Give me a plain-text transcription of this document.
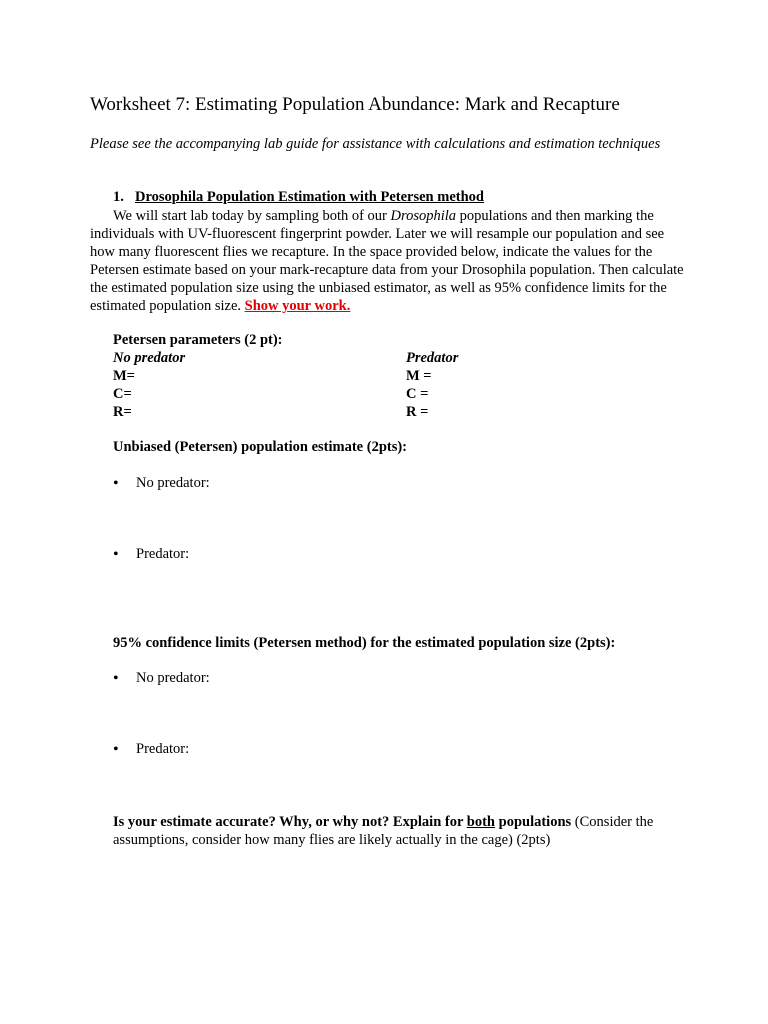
Worksheet 7: Estimating Population Abundance: Mark and Recapture
Please see the accompanying lab guide for assistance with calculations and estimation techniques
1. Drosophila Population Estimation with Petersen method
We will start lab today by sampling both of our Drosophila populations and then marking the individuals with UV-fluorescent fingerprint powder. Later we will resample our population and see how many fluorescent flies we recapture. In the space provided below, indicate the values for the Petersen estimate based on your mark-recapture data from your Drosophila population. Then calculate the estimated population size using the unbiased estimator, as well as 95% confidence limits for the estimated population size. Show your work.
Petersen parameters (2 pt):
No predator	Predator
M=
C=
R=
M =
C =
R =
Unbiased (Petersen) population estimate (2pts):
• No predator:
• Predator:
95% confidence limits (Petersen method) for the estimated population size (2pts):
• No predator:
• Predator:
Is your estimate accurate? Why, or why not? Explain for both populations (Consider the assumptions, consider how many flies are likely actually in the cage) (2pts)
